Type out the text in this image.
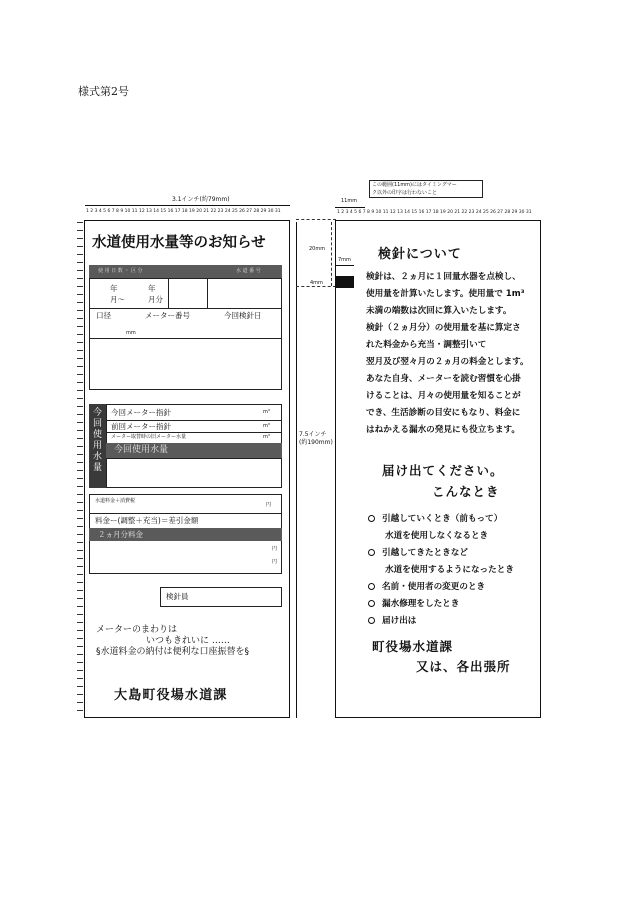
様式第2号
3.1インチ(約79mm)
1 2 3 4 5 6 7 8 9 10 11 12 13 14 15 16 17 18 19 20 21 22 23 24 25 26 27 28 29 30 31
7.5インチ
(約190mm)
水道使用水量等のお知らせ
使 用 日 数 ・ 区 分	水 道 番 号
年	年
月〜	月分
口径	メーター番号	今回検針日
mm
今
回
使
用
水
量
今回メーター指針	m³
前回メーター指針	m³
メーター取替時の旧メーター水量	m³
今回使用水量
水道料金＋消費税
円
料金ー(調整＋充当)＝差引金額
２ヵ月分料金
円
円
検針員
メーターのまわりは
いつもきれいに ……
§水道料金の納付は便利な口座振替を§
大島町役場水道課
この範囲(11mm)にはタイミングマー
ク以外の印字は行わないこと
11mm
1 2 3 4 5 6 7 8 9 10 11 12 13 14 15 16 17 18 19 20 21 22 23 24 25 26 27 28 29 30 31
20mm
7mm
4mm
検針について
検針は、２ヵ月に１回量水器を点検し、
使用量を計算いたします。使用量で 1m³
未満の端数は次回に算入いたします。
検針（２ヵ月分）の使用量を基に算定さ
れた料金から充当・調整引いて
翌月及び翌々月の２ヵ月の料金とします。
あなた自身、メーターを読む習慣を心掛
けることは、月々の使用量を知ることが
でき、生活診断の目安にもなり、料金に
はねかえる漏水の発見にも役立ちます。
届け出てください。
こんなとき
引越していくとき（前もって）
水道を使用しなくなるとき
引越してきたときなど
水道を使用するようになったとき
名前・使用者の変更のとき
漏水修理をしたとき
届け出は
町役場水道課
又は、各出張所
